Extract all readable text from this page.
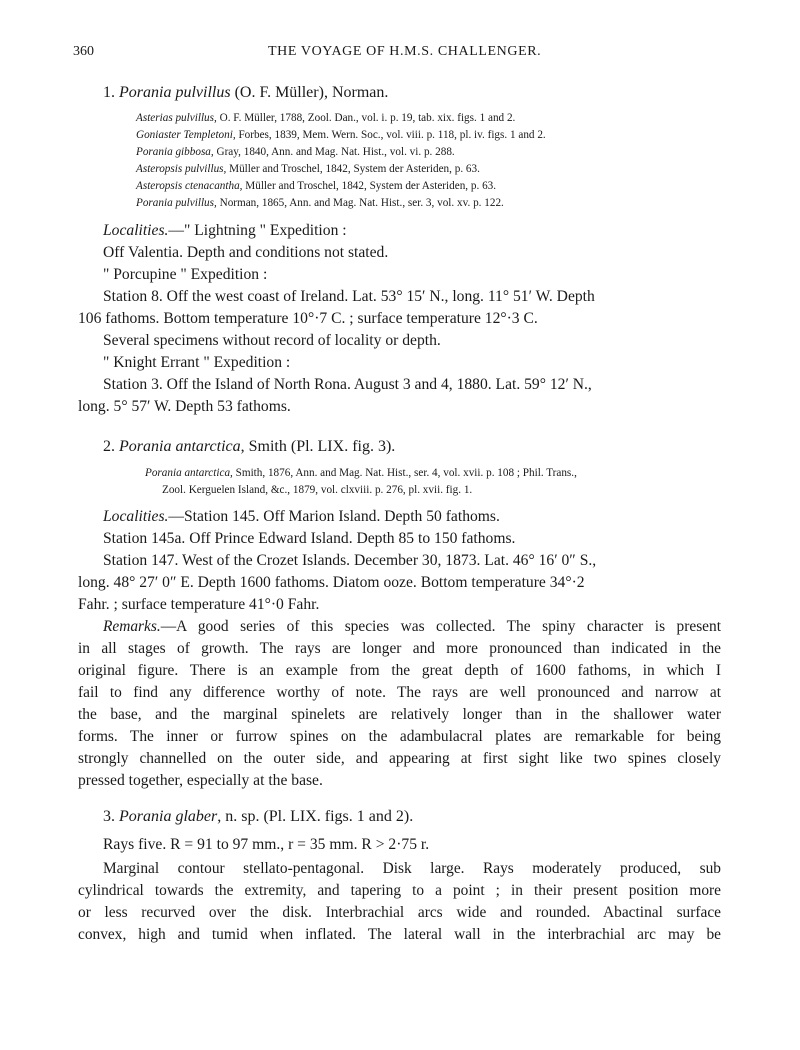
360	THE VOYAGE OF H.M.S. CHALLENGER.
1. Porania pulvillus (O. F. Müller), Norman.
Asterias pulvillus, O. F. Müller, 1788, Zool. Dan., vol. i. p. 19, tab. xix. figs. 1 and 2.
Goniaster Templetoni, Forbes, 1839, Mem. Wern. Soc., vol. viii. p. 118, pl. iv. figs. 1 and 2.
Porania gibbosa, Gray, 1840, Ann. and Mag. Nat. Hist., vol. vi. p. 288.
Asteropsis pulvillus, Müller and Troschel, 1842, System der Asteriden, p. 63.
Asteropsis ctenacantha, Müller and Troschel, 1842, System der Asteriden, p. 63.
Porania pulvillus, Norman, 1865, Ann. and Mag. Nat. Hist., ser. 3, vol. xv. p. 122.
Localities.—" Lightning " Expedition :
Off Valentia. Depth and conditions not stated.
" Porcupine " Expedition :
Station 8. Off the west coast of Ireland. Lat. 53° 15′ N., long. 11° 51′ W. Depth
106 fathoms. Bottom temperature 10°·7 C. ; surface temperature 12°·3 C.
Several specimens without record of locality or depth.
" Knight Errant " Expedition :
Station 3. Off the Island of North Rona. August 3 and 4, 1880. Lat. 59° 12′ N.,
long. 5° 57′ W. Depth 53 fathoms.
2. Porania antarctica, Smith (Pl. LIX. fig. 3).
Porania antarctica, Smith, 1876, Ann. and Mag. Nat. Hist., ser. 4, vol. xvii. p. 108 ; Phil. Trans.,
Zool. Kerguelen Island, &c., 1879, vol. clxviii. p. 276, pl. xvii. fig. 1.
Localities.—Station 145. Off Marion Island. Depth 50 fathoms.
Station 145a. Off Prince Edward Island. Depth 85 to 150 fathoms.
Station 147. West of the Crozet Islands. December 30, 1873. Lat. 46° 16′ 0″ S.,
long. 48° 27′ 0″ E. Depth 1600 fathoms. Diatom ooze. Bottom temperature 34°·2
Fahr. ; surface temperature 41°·0 Fahr.
Remarks.—A good series of this species was collected. The spiny character is present
in all stages of growth. The rays are longer and more pronounced than indicated in the
original figure. There is an example from the great depth of 1600 fathoms, in which I
fail to find any difference worthy of note. The rays are well pronounced and narrow at
the base, and the marginal spinelets are relatively longer than in the shallower water
forms. The inner or furrow spines on the adambulacral plates are remarkable for being
strongly channelled on the outer side, and appearing at first sight like two spines closely
pressed together, especially at the base.
3. Porania glaber, n. sp. (Pl. LIX. figs. 1 and 2).
Rays five. R = 91 to 97 mm., r = 35 mm. R > 2·75 r.
Marginal contour stellato-pentagonal. Disk large. Rays moderately produced, sub
cylindrical towards the extremity, and tapering to a point ; in their present position more
or less recurved over the disk. Interbrachial arcs wide and rounded. Abactinal surface
convex, high and tumid when inflated. The lateral wall in the interbrachial arc may be
